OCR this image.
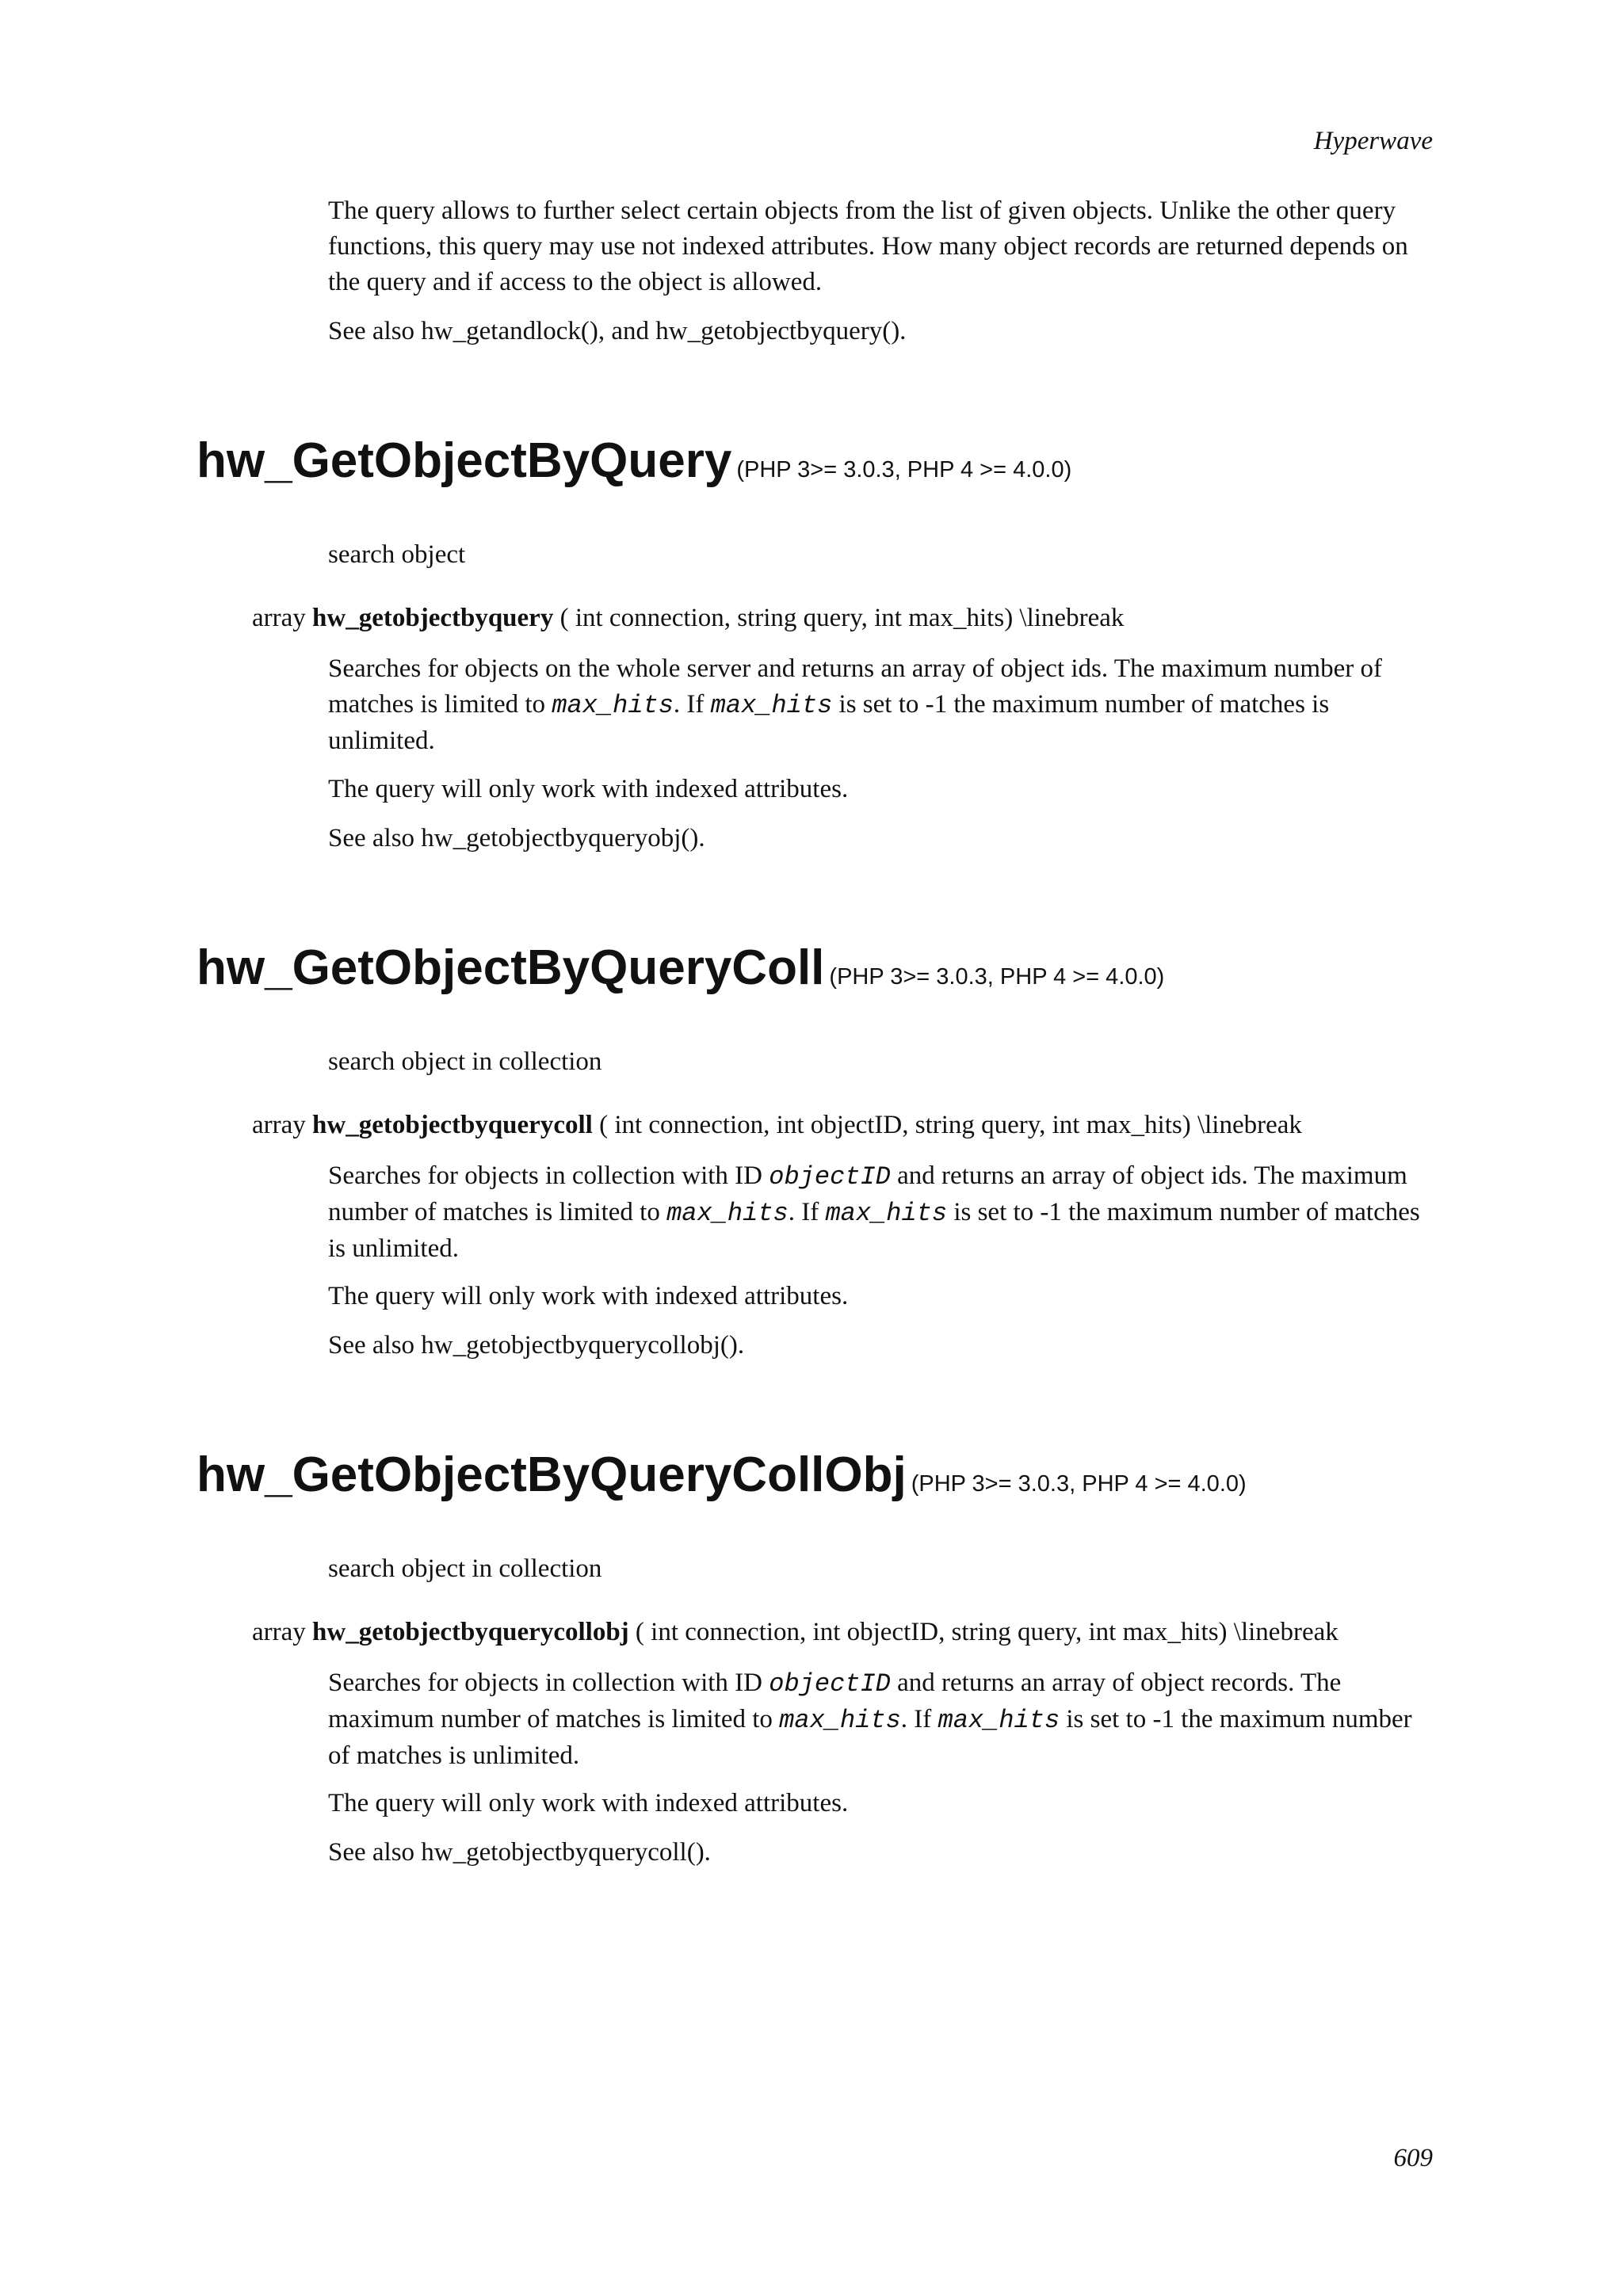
Hyperwave

The query allows to further select certain objects from the list of given objects. Unlike the other query functions, this query may use not indexed attributes. How many object records are returned depends on the query and if access to the object is allowed.

See also hw_getandlock(), and hw_getobjectbyquery().

hw_GetObjectByQuery (PHP 3>= 3.0.3, PHP 4 >= 4.0.0)

search object

array hw_getobjectbyquery ( int connection, string query, int max_hits) \linebreak

Searches for objects on the whole server and returns an array of object ids. The maximum number of matches is limited to max_hits. If max_hits is set to -1 the maximum number of matches is unlimited.

The query will only work with indexed attributes.

See also hw_getobjectbyqueryobj().

hw_GetObjectByQueryColl (PHP 3>= 3.0.3, PHP 4 >= 4.0.0)

search object in collection

array hw_getobjectbyquerycoll ( int connection, int objectID, string query, int max_hits) \linebreak

Searches for objects in collection with ID objectID and returns an array of object ids. The maximum number of matches is limited to max_hits. If max_hits is set to -1 the maximum number of matches is unlimited.

The query will only work with indexed attributes.

See also hw_getobjectbyquerycollobj().

hw_GetObjectByQueryCollObj (PHP 3>= 3.0.3, PHP 4 >= 4.0.0)

search object in collection

array hw_getobjectbyquerycollobj ( int connection, int objectID, string query, int max_hits) \linebreak

Searches for objects in collection with ID objectID and returns an array of object records. The maximum number of matches is limited to max_hits. If max_hits is set to -1 the maximum number of matches is unlimited.

The query will only work with indexed attributes.

See also hw_getobjectbyquerycoll().

609
